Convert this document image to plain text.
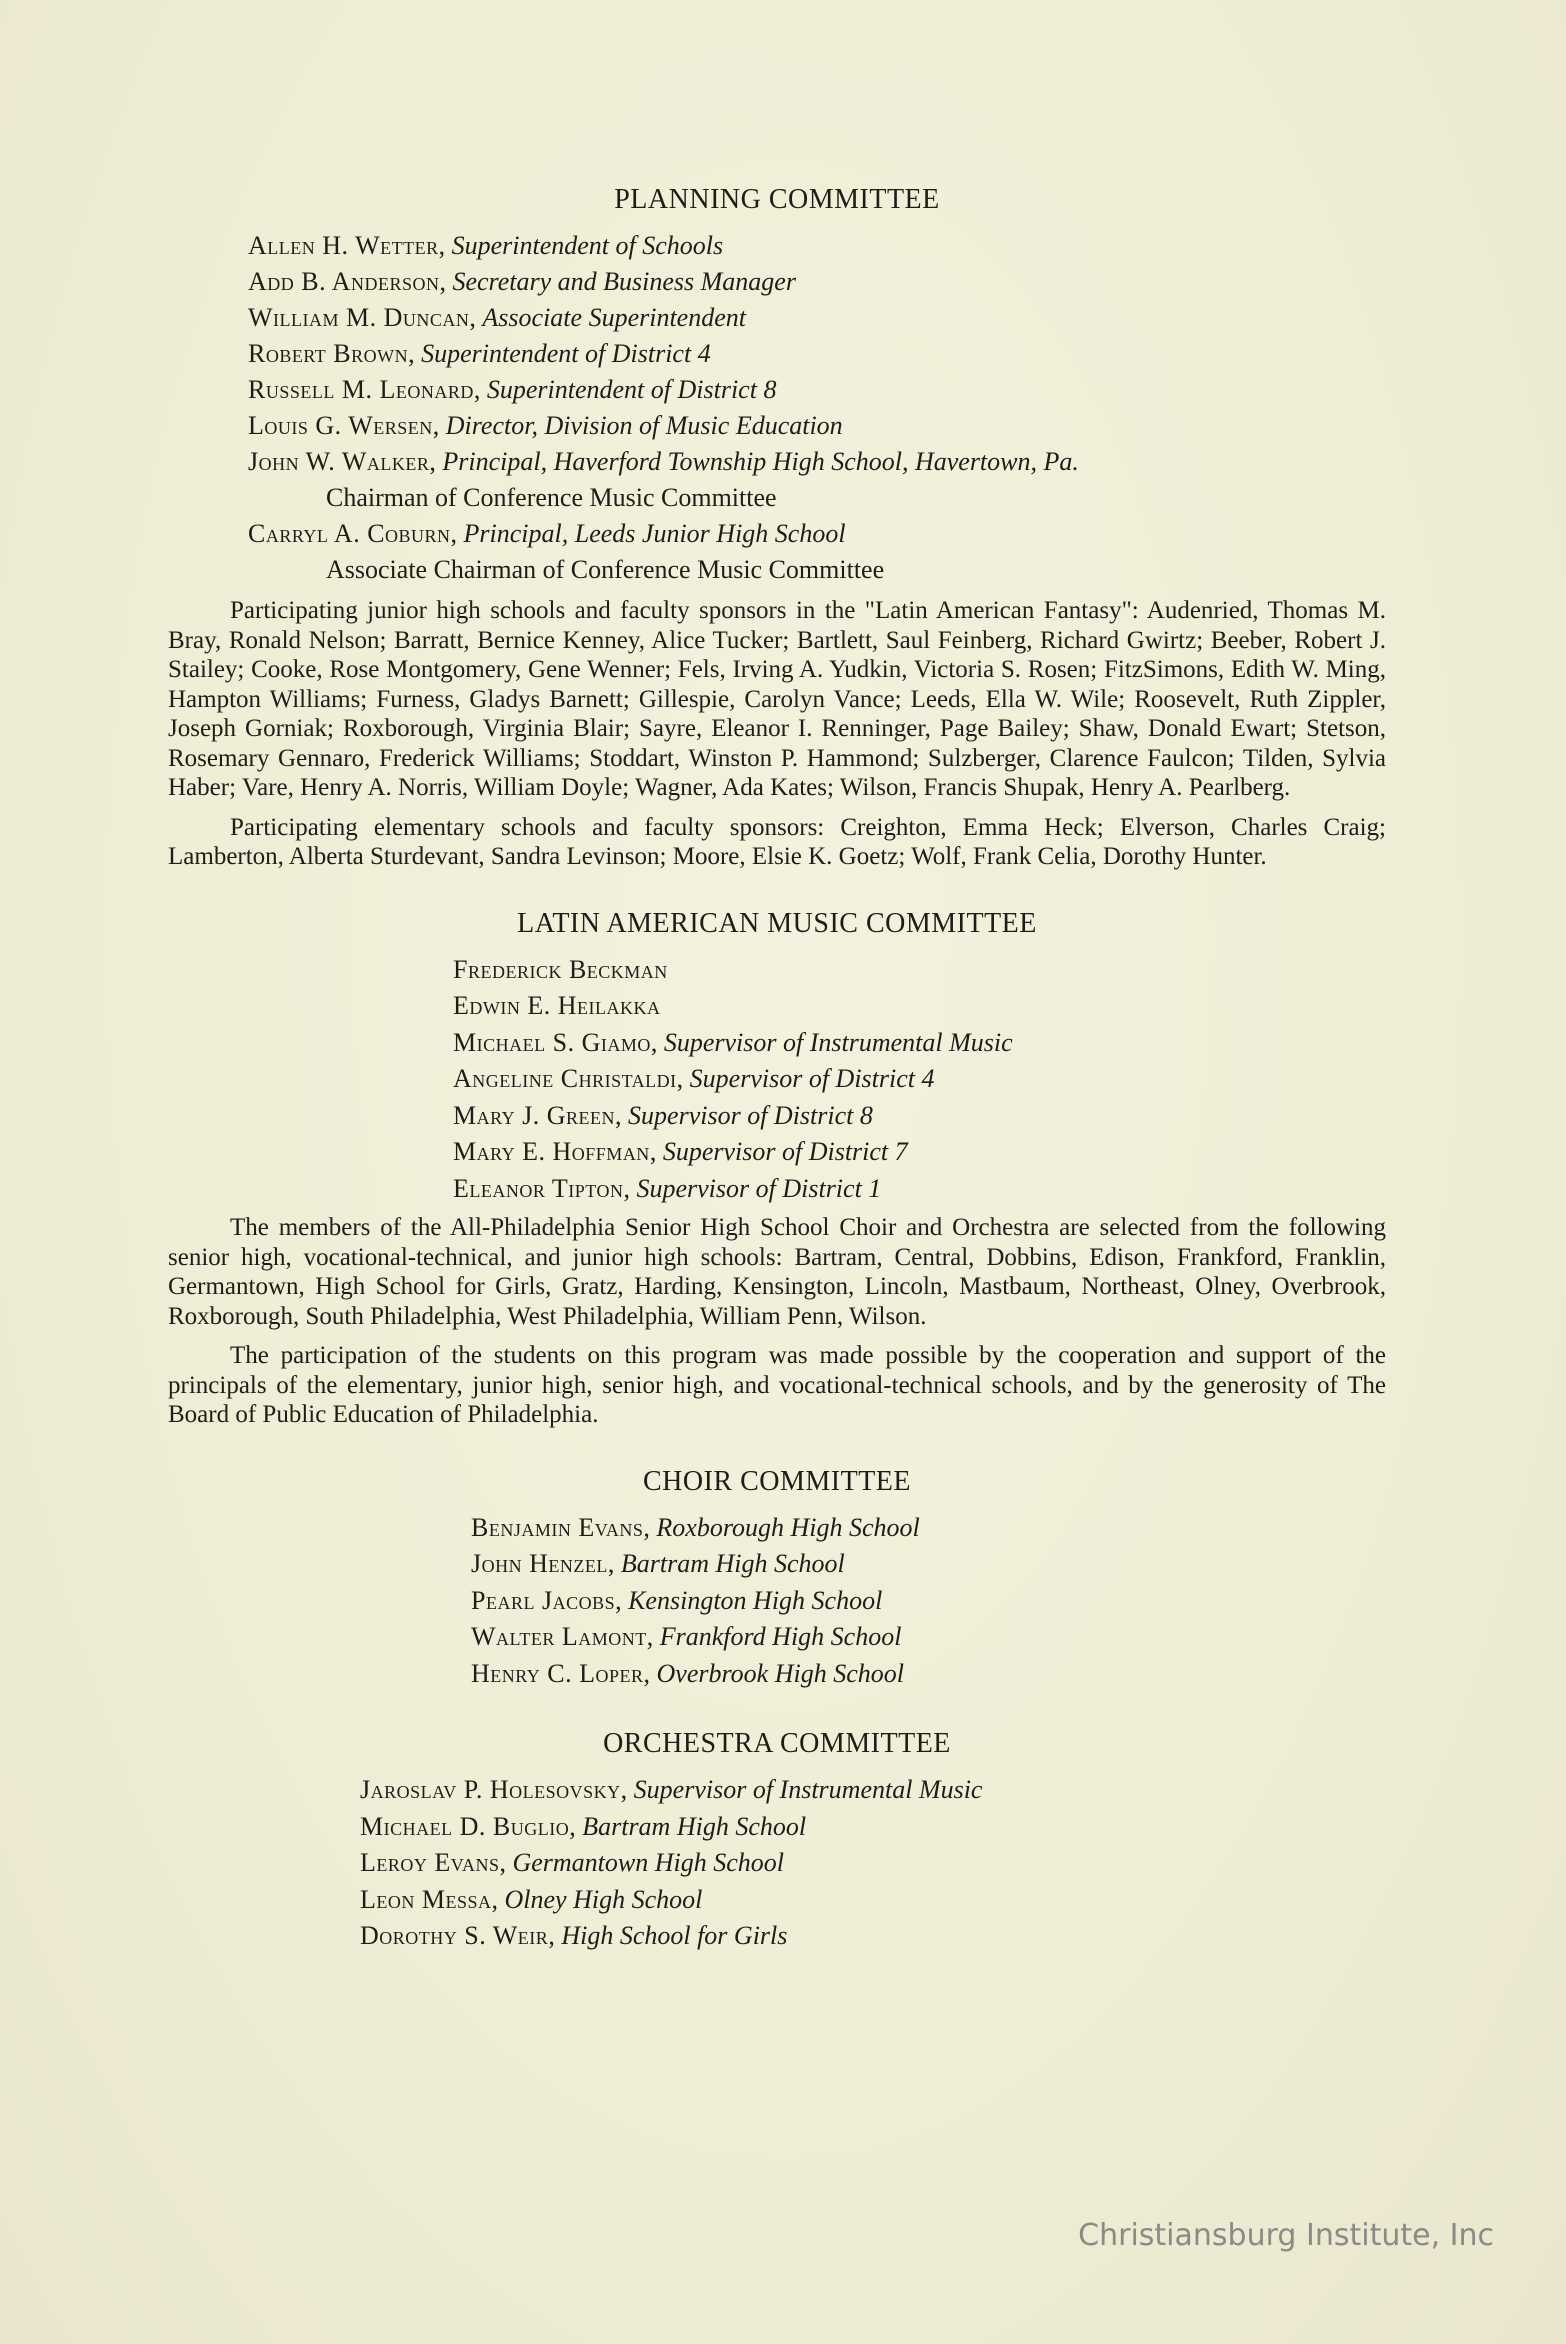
PLANNING COMMITTEE
Allen H. Wetter, Superintendent of Schools
Add B. Anderson, Secretary and Business Manager
William M. Duncan, Associate Superintendent
Robert Brown, Superintendent of District 4
Russell M. Leonard, Superintendent of District 8
Louis G. Wersen, Director, Division of Music Education
John W. Walker, Principal, Haverford Township High School, Havertown, Pa.
Chairman of Conference Music Committee
Carryl A. Coburn, Principal, Leeds Junior High School
Associate Chairman of Conference Music Committee

Participating junior high schools and faculty sponsors in the "Latin American Fantasy": Audenried, Thomas M. Bray, Ronald Nelson; Barratt, Bernice Kenney, Alice Tucker; Bartlett, Saul Feinberg, Richard Gwirtz; Beeber, Robert J. Stailey; Cooke, Rose Montgomery, Gene Wenner; Fels, Irving A. Yudkin, Victoria S. Rosen; FitzSimons, Edith W. Ming, Hampton Williams; Furness, Gladys Barnett; Gillespie, Carolyn Vance; Leeds, Ella W. Wile; Roosevelt, Ruth Zippler, Joseph Gorniak; Roxborough, Virginia Blair; Sayre, Eleanor I. Renninger, Page Bailey; Shaw, Donald Ewart; Stetson, Rosemary Gennaro, Frederick Williams; Stoddart, Winston P. Hammond; Sulzberger, Clarence Faulcon; Tilden, Sylvia Haber; Vare, Henry A. Norris, William Doyle; Wagner, Ada Kates; Wilson, Francis Shupak, Henry A. Pearlberg.

Participating elementary schools and faculty sponsors: Creighton, Emma Heck; Elverson, Charles Craig; Lamberton, Alberta Sturdevant, Sandra Levinson; Moore, Elsie K. Goetz; Wolf, Frank Celia, Dorothy Hunter.

LATIN AMERICAN MUSIC COMMITTEE
Frederick Beckman
Edwin E. Heilakka
Michael S. Giamo, Supervisor of Instrumental Music
Angeline Christaldi, Supervisor of District 4
Mary J. Green, Supervisor of District 8
Mary E. Hoffman, Supervisor of District 7
Eleanor Tipton, Supervisor of District 1

The members of the All-Philadelphia Senior High School Choir and Orchestra are selected from the following senior high, vocational-technical, and junior high schools: Bartram, Central, Dobbins, Edison, Frankford, Franklin, Germantown, High School for Girls, Gratz, Harding, Kensington, Lincoln, Mastbaum, Northeast, Olney, Overbrook, Roxborough, South Philadelphia, West Philadelphia, William Penn, Wilson.

The participation of the students on this program was made possible by the cooperation and support of the principals of the elementary, junior high, senior high, and vocational-technical schools, and by the generosity of The Board of Public Education of Philadelphia.

CHOIR COMMITTEE
Benjamin Evans, Roxborough High School
John Henzel, Bartram High School
Pearl Jacobs, Kensington High School
Walter Lamont, Frankford High School
Henry C. Loper, Overbrook High School
ORCHESTRA COMMITTEE
Jaroslav P. Holesovsky, Supervisor of Instrumental Music
Michael D. Buglio, Bartram High School
Leroy Evans, Germantown High School
Leon Messa, Olney High School
Dorothy S. Weir, High School for Girls
Christiansburg Institute, Inc
